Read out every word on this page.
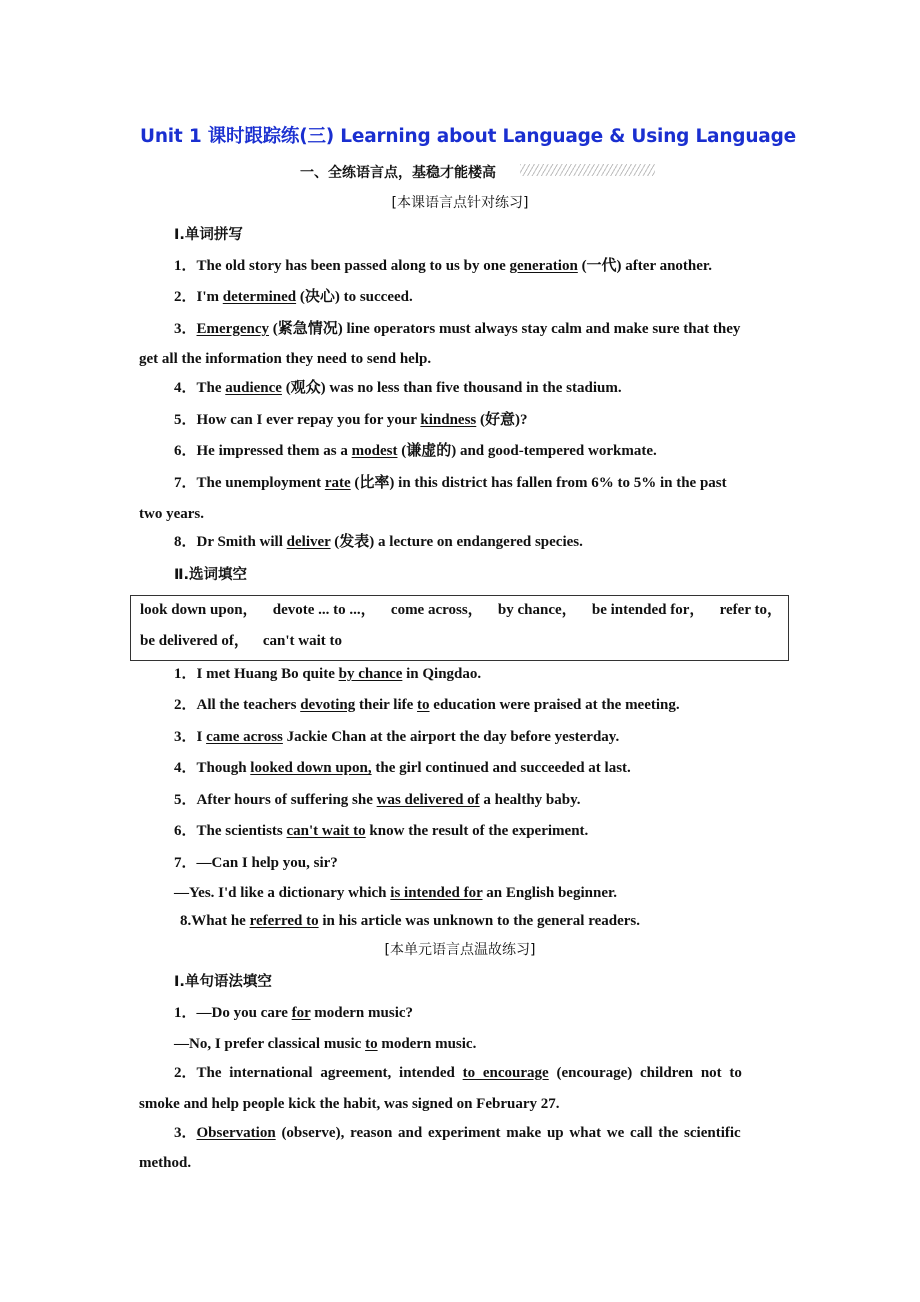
Unit 1 课时跟踪练(三) Learning about Language & Using Language
一、全练语言点，基稳才能楼高
[本课语言点针对练习]
Ⅰ.单词拼写
1．The old story has been passed along to us by one generation (一代) after another.
2．I'm determined (决心) to succeed.
3．Emergency (紧急情况) line operators must always stay calm and make sure that they
get all the information they need to send help.
4．The audience (观众) was no less than five thousand in the stadium.
5．How can I ever repay you for your kindness (好意)?
6．He impressed them as a modest (谦虚的) and good-tempered workmate.
7．The unemployment rate (比率) in this district has fallen from 6% to 5% in the past
two years.
8．Dr Smith will deliver (发表) a lecture on endangered species.
Ⅱ.选词填空
look down upon， devote ... to ...， come across， by chance， be intended for， refer to，
be delivered of， can't wait to
1．I met Huang Bo quite by chance in Qingdao.
2．All the teachers devoting their life to education were praised at the meeting.
3．I came across Jackie Chan at the airport the day before yesterday.
4．Though looked down upon, the girl continued and succeeded at last.
5．After hours of suffering she was delivered of a healthy baby.
6．The scientists can't wait to know the result of the experiment.
7．—Can I help you, sir?
—Yes. I'd like a dictionary which is intended for an English beginner.
8.What he referred to in his article was unknown to the general readers.
[本单元语言点温故练习]
Ⅰ.单句语法填空
1．—Do you care for modern music?
—No, I prefer classical music to modern music.
2．The international agreement, intended to encourage (encourage) children not to
smoke and help people kick the habit, was signed on February 27.
3．Observation (observe), reason and experiment make up what we call the scientific
method.
